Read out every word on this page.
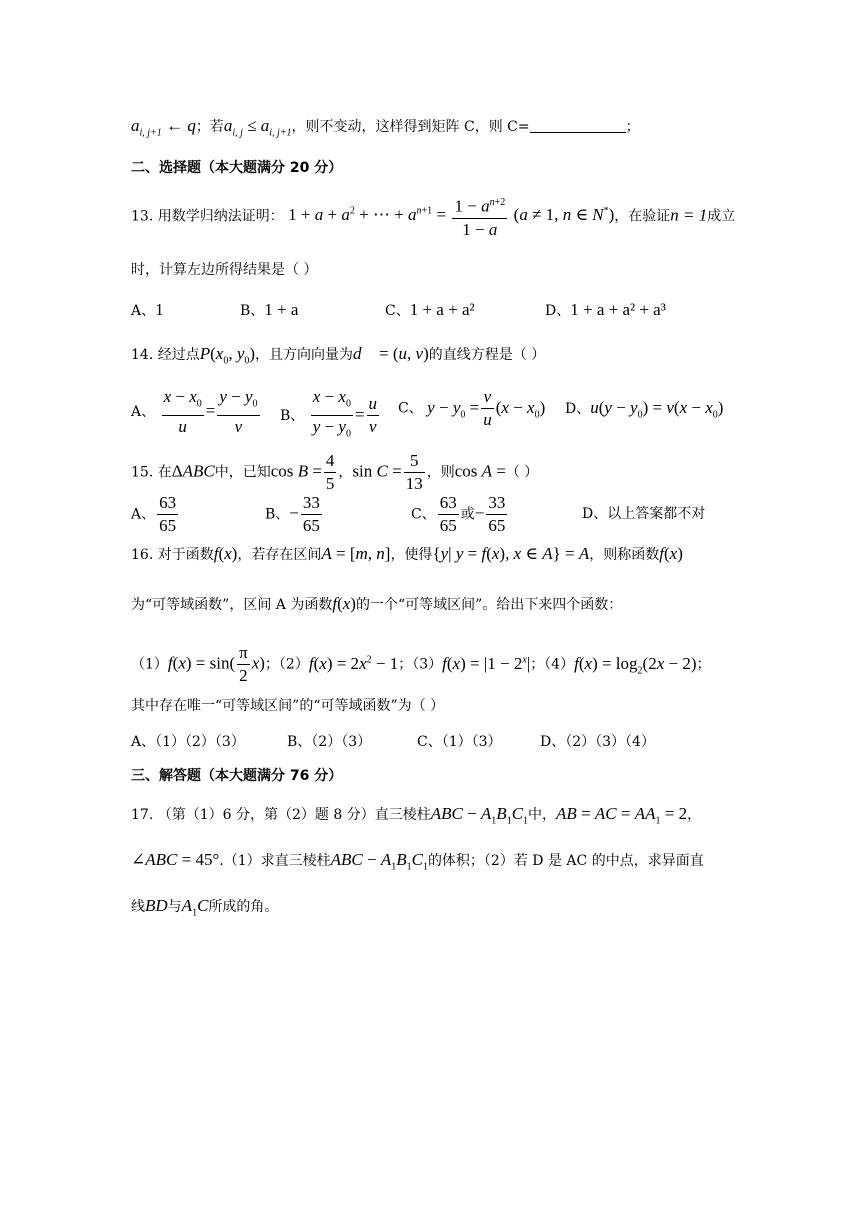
$a_{i, j+1}$ ← q；若$a_{i, j} \le a_{i, j+1}$，则不变动，这样得到矩阵 C，则 C=	；
二、选择题（本大题满分 20 分）
13. 用数学归纳法证明： $1 + a + a^2$ + ⋯ + $a^{n+1} = \frac{1 - a^{n+2}}{1 - a} (a \ne 1$, n ∈ N*)，在验证n = 1成立
时，计算左边所得结果是（ ）
A、1	B、1 + a	C、1 + a + a²	D、1 + a + a² + a³
14. 经过点$P(x_0$, $y_0$)，且方向向量为d⃗ = (u, v)的直线方程是（ ）
A、 $\frac{x - x_0}{u} = \frac{y - y_0}{v}$ B、 $\frac{x - x_0}{y - y_0} = \frac{u}{v}$ C、 $y - y_0 = \frac{v}{u} (x - x_0)$ D、$u(y - y_0) = v(x - x_0)$
15. 在ΔABC中，已知$\cos B = \frac{4}{5}$ ，$\sin C = \frac{5}{13}$ ，则cos A =（ ）
A、 $\frac{63}{65}$	B、− $\frac{33}{65}$	C、 $\frac{63}{65}$ 或− $\frac{33}{65}$	D、以上答案都不对
16. 对于函数f(x)，若存在区间A = [m, n]，使得{y| y = f(x), x ∈ A} = A，则称函数f(x)
为“可等域函数”，区间 A 为函数f(x)的一个“可等域区间”。给出下来四个函数：
$(1)f(x) = \sin( \frac{\pi}{2} x)$；$(2)f(x) = 2x^2 - 1$；$(3)f(x) = |1 - 2^x|$；$(4)f(x) = \log_2(2x - 2)$；
其中存在唯一“可等域区间”的“可等域函数”为（ ）
A、（1）（2）（3）	B、（2）（3）	C、（1）（3）	D、（2）（3）（4）
三、解答题（本大题满分 76 分）
17. （第（1）6 分，第（2）题 8 分）直三棱柱ABC − $A_1B_1C_1$中，AB = AC = $AA_1 = 2$，
∠ABC = 45°.（1）求直三棱柱ABC − $A_1B_1C_1$的体积；（2）若 D 是 AC 的中点，求异面直
线BD与$A_1C$所成的角。
